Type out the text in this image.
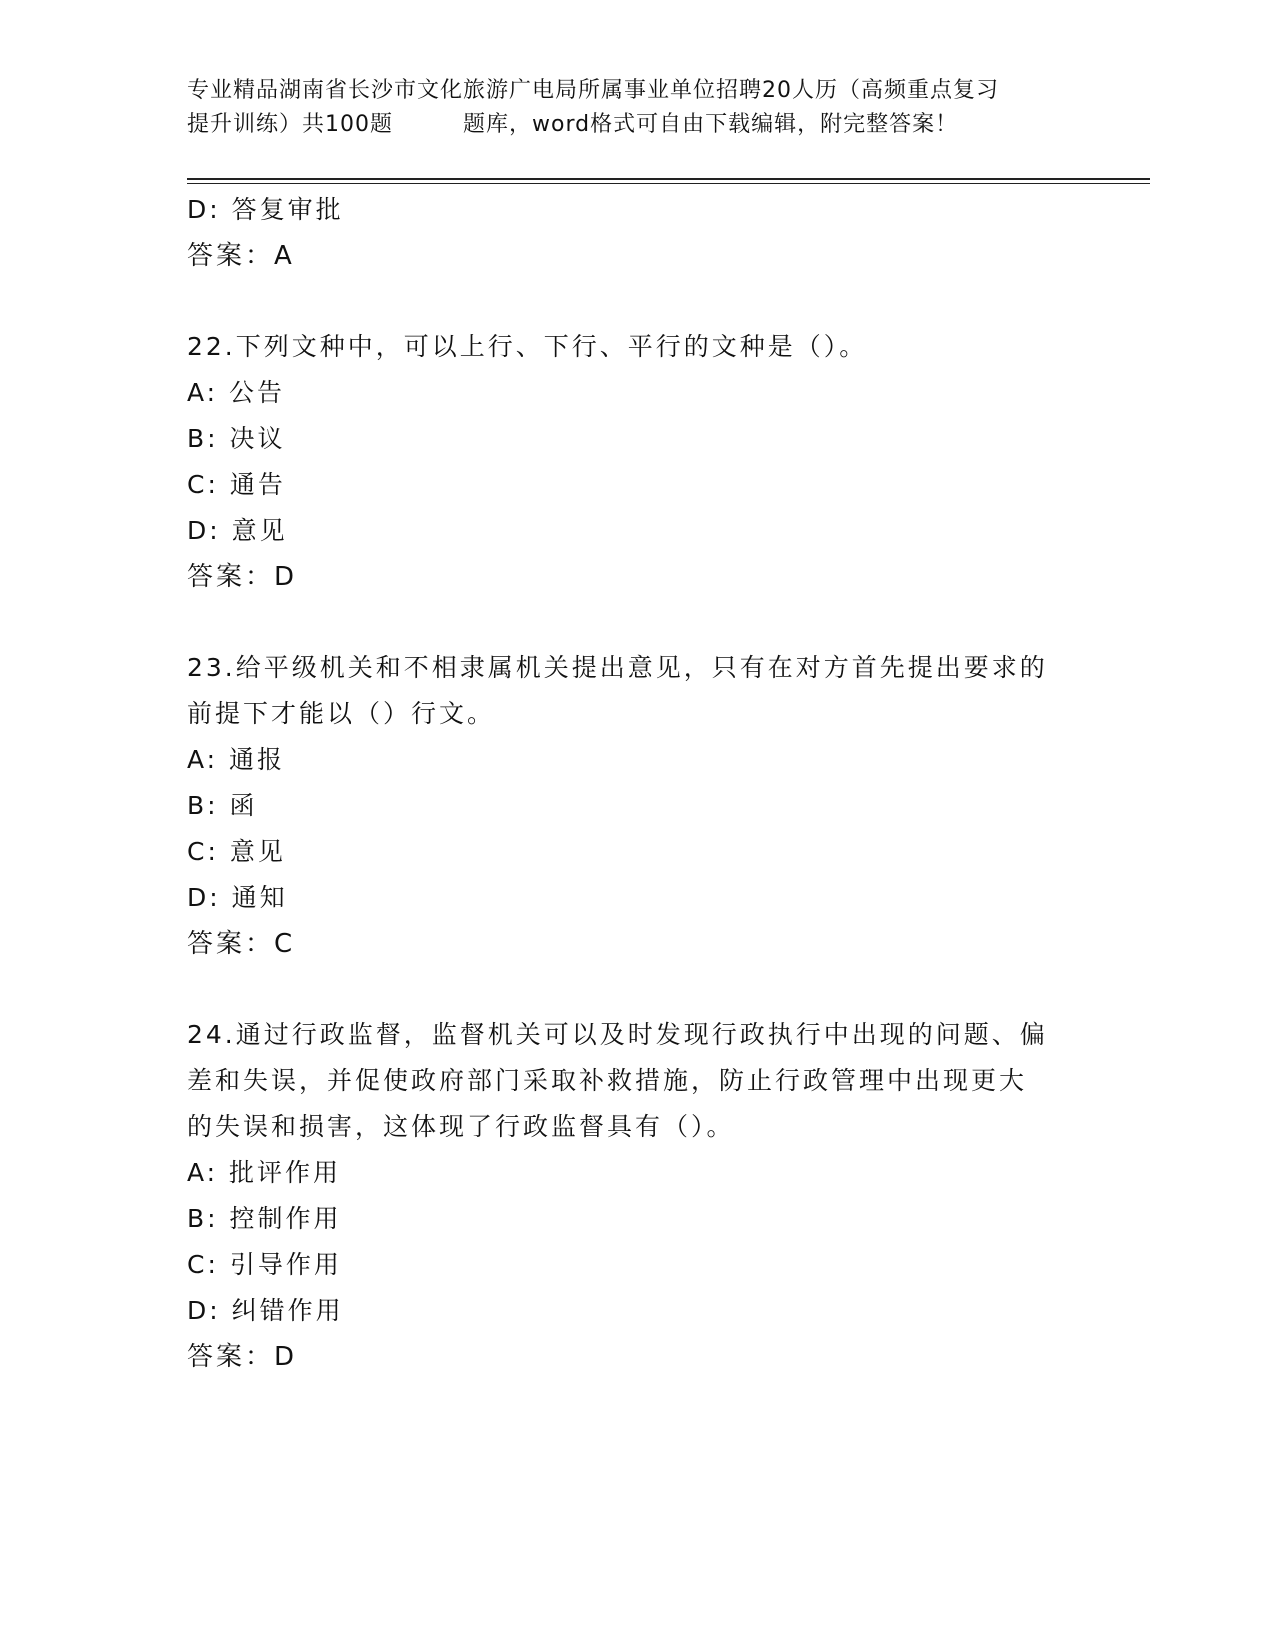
专业精品湖南省长沙市文化旅游广电局所属事业单位招聘20人历（高频重点复习
提升训练）共100题	题库，word格式可自由下载编辑，附完整答案！
D: 答复审批
答案：A
22.下列文种中，可以上行、下行、平行的文种是（）。
A: 公告
B: 决议
C: 通告
D: 意见
答案：D
23.给平级机关和不相隶属机关提出意见，只有在对方首先提出要求的
前提下才能以（）行文。
A: 通报
B: 函
C: 意见
D: 通知
答案：C
24.通过行政监督，监督机关可以及时发现行政执行中出现的问题、偏
差和失误，并促使政府部门采取补救措施，防止行政管理中出现更大
的失误和损害，这体现了行政监督具有（）。
A: 批评作用
B: 控制作用
C: 引导作用
D: 纠错作用
答案：D
